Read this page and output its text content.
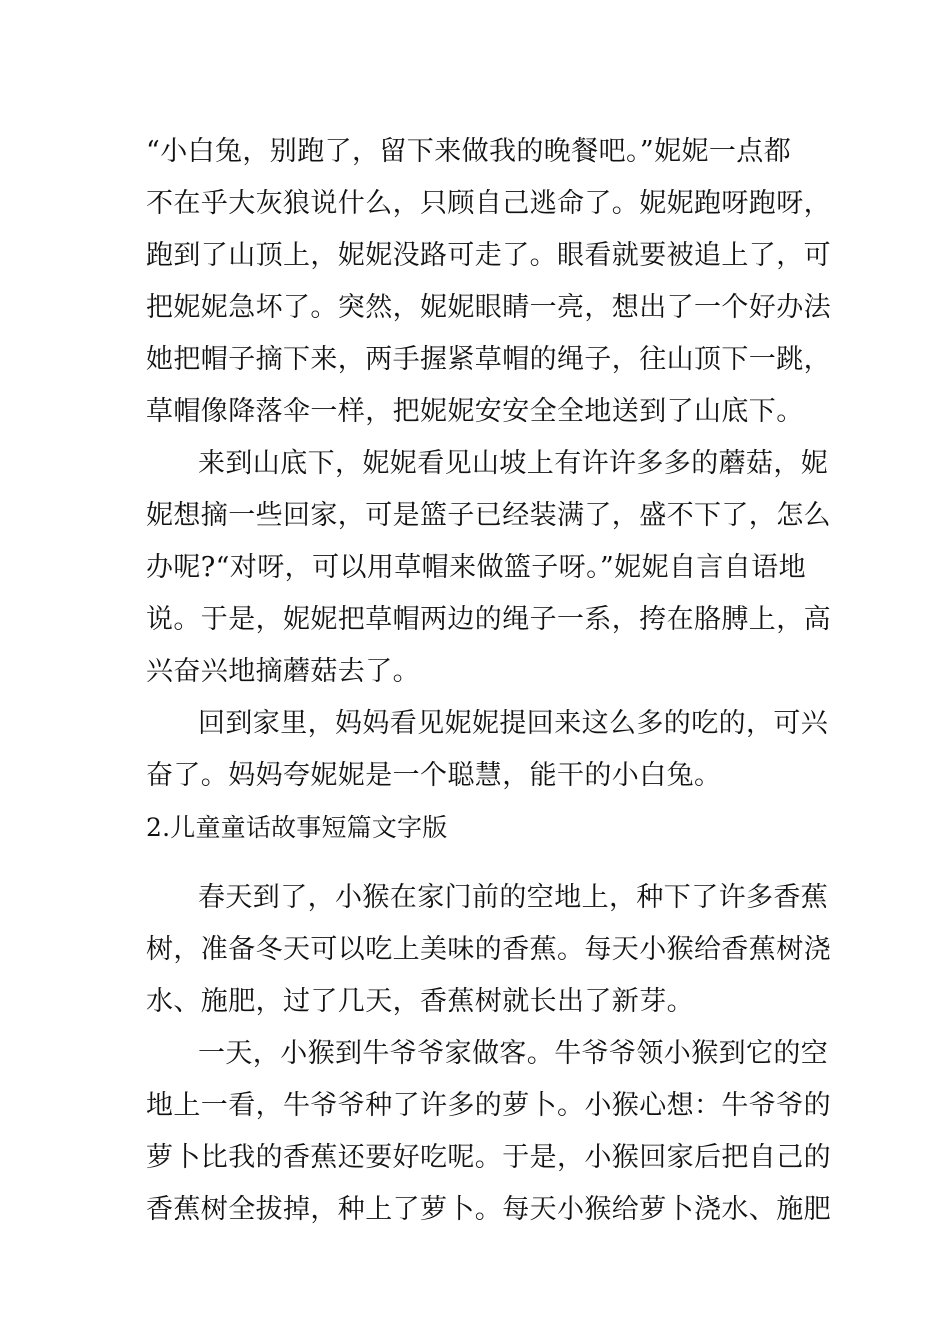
“小白兔，别跑了，留下来做我的晚餐吧。”妮妮一点都
不在乎大灰狼说什么，只顾自己逃命了。妮妮跑呀跑呀，
跑到了山顶上，妮妮没路可走了。眼看就要被追上了，可
把妮妮急坏了。突然，妮妮眼睛一亮，想出了一个好办法
她把帽子摘下来，两手握紧草帽的绳子，往山顶下一跳，
草帽像降落伞一样，把妮妮安安全全地送到了山底下。
来到山底下，妮妮看见山坡上有许许多多的蘑菇，妮
妮想摘一些回家，可是篮子已经装满了，盛不下了，怎么
办呢?“对呀，可以用草帽来做篮子呀。”妮妮自言自语地
说。于是，妮妮把草帽两边的绳子一系，挎在胳膊上，高
兴奋兴地摘蘑菇去了。
回到家里，妈妈看见妮妮提回来这么多的吃的，可兴
奋了。妈妈夸妮妮是一个聪慧，能干的小白兔。
2.儿童童话故事短篇文字版
春天到了，小猴在家门前的空地上，种下了许多香蕉
树，准备冬天可以吃上美味的香蕉。每天小猴给香蕉树浇
水、施肥，过了几天，香蕉树就长出了新芽。
一天，小猴到牛爷爷家做客。牛爷爷领小猴到它的空
地上一看，牛爷爷种了许多的萝卜。小猴心想：牛爷爷的
萝卜比我的香蕉还要好吃呢。于是，小猴回家后把自己的
香蕉树全拔掉，种上了萝卜。每天小猴给萝卜浇水、施肥
